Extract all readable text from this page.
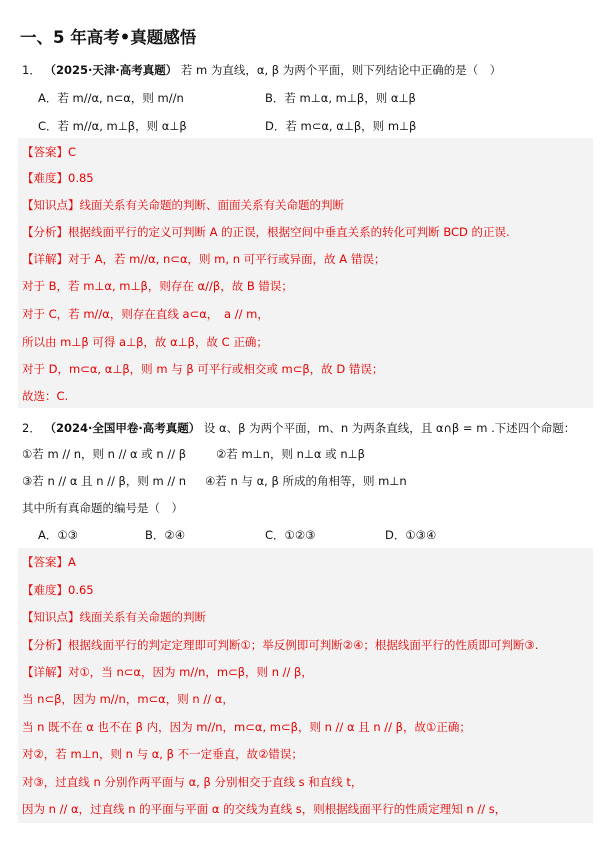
一、5 年高考•真题感悟
1． （2025·天津·高考真题） 若 m 为直线，α, β 为两个平面，则下列结论中正确的是（　）
A．若 m//α, n⊂α，则 m//n	B．若 m⊥α, m⊥β，则 α⊥β
C．若 m//α, m⊥β，则 α⊥β	D．若 m⊂α, α⊥β，则 m⊥β
【答案】C
【难度】0.85
【知识点】线面关系有关命题的判断、面面关系有关命题的判断
【分析】根据线面平行的定义可判断 A 的正误，根据空间中垂直关系的转化可判断 BCD 的正误.
【详解】对于 A，若 m//α, n⊂α，则 m, n 可平行或异面，故 A 错误；
对于 B，若 m⊥α, m⊥β，则存在 α//β，故 B 错误；
对于 C，若 m//α，则存在直线 a⊂α，　a // m，
所以由 m⊥β 可得 a⊥β，故 α⊥β，故 C 正确；
对于 D，m⊂α, α⊥β，则 m 与 β 可平行或相交或 m⊂β，故 D 错误；
故选：C.
2． （2024·全国甲卷·高考真题） 设 α、β 为两个平面，m、n 为两条直线，且 α∩β = m .下述四个命题：
①若 m // n，则 n // α 或 n // β	②若 m⊥n，则 n⊥α 或 n⊥β
③若 n // α 且 n // β，则 m // n ④若 n 与 α, β 所成的角相等，则 m⊥n
其中所有真命题的编号是（　）
A．①③	B．②④	C．①②③	D．①③④
【答案】A
【难度】0.65
【知识点】线面关系有关命题的判断
【分析】根据线面平行的判定定理即可判断①；举反例即可判断②④；根据线面平行的性质即可判断③.
【详解】对①，当 n⊂α，因为 m//n，m⊂β，则 n // β，
当 n⊂β，因为 m//n，m⊂α，则 n // α，
当 n 既不在 α 也不在 β 内，因为 m//n，m⊂α, m⊂β，则 n // α 且 n // β，故①正确；
对②，若 m⊥n，则 n 与 α, β 不一定垂直，故②错误；
对③，过直线 n 分别作两平面与 α, β 分别相交于直线 s 和直线 t，
因为 n // α，过直线 n 的平面与平面 α 的交线为直线 s，则根据线面平行的性质定理知 n // s，
